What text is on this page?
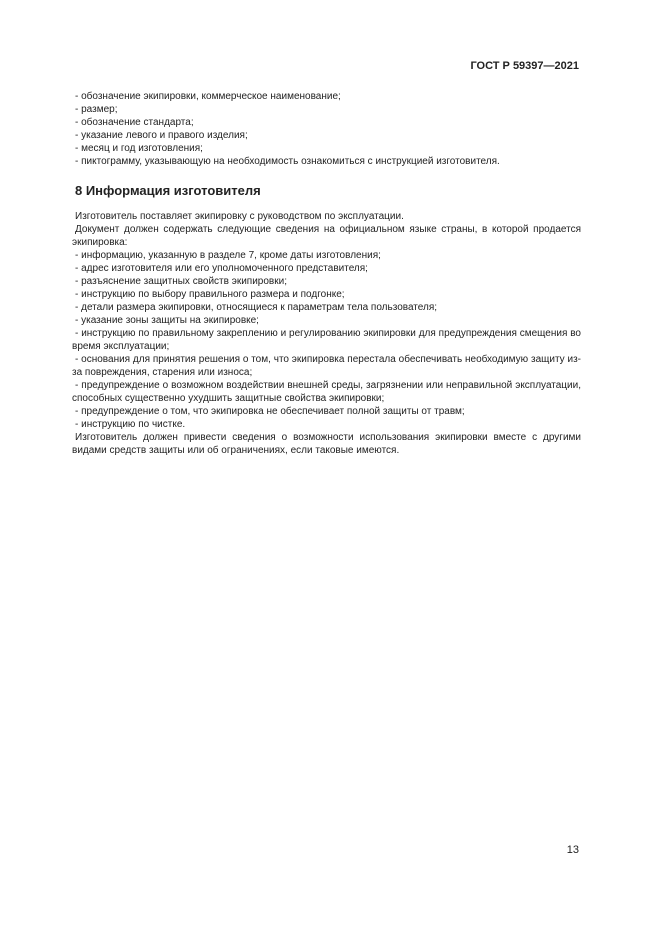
ГОСТ Р 59397—2021
- обозначение экипировки, коммерческое наименование;
- размер;
- обозначение стандарта;
- указание левого и правого изделия;
- месяц и год изготовления;
- пиктограмму, указывающую на необходимость ознакомиться с инструкцией изготовителя.
8 Информация изготовителя

Изготовитель поставляет экипировку с руководством по эксплуатации.

Документ должен содержать следующие сведения на официальном языке страны, в которой продается экипировка:

- информацию, указанную в разделе 7, кроме даты изготовления;
- адрес изготовителя или его уполномоченного представителя;
- разъяснение защитных свойств экипировки;
- инструкцию по выбору правильного размера и подгонке;
- детали размера экипировки, относящиеся к параметрам тела пользователя;
- указание зоны защиты на экипировке;
- инструкцию по правильному закреплению и регулированию экипировки для предупреждения смещения во время эксплуатации;
- основания для принятия решения о том, что экипировка перестала обеспечивать необходимую защиту из-за повреждения, старения или износа;
- предупреждение о возможном воздействии внешней среды, загрязнении или неправильной эксплуатации, способных существенно ухудшить защитные свойства экипировки;
- предупреждение о том, что экипировка не обеспечивает полной защиты от травм;
- инструкцию по чистке.

Изготовитель должен привести сведения о возможности использования экипировки вместе с другими видами средств защиты или об ограничениях, если таковые имеются.

13
